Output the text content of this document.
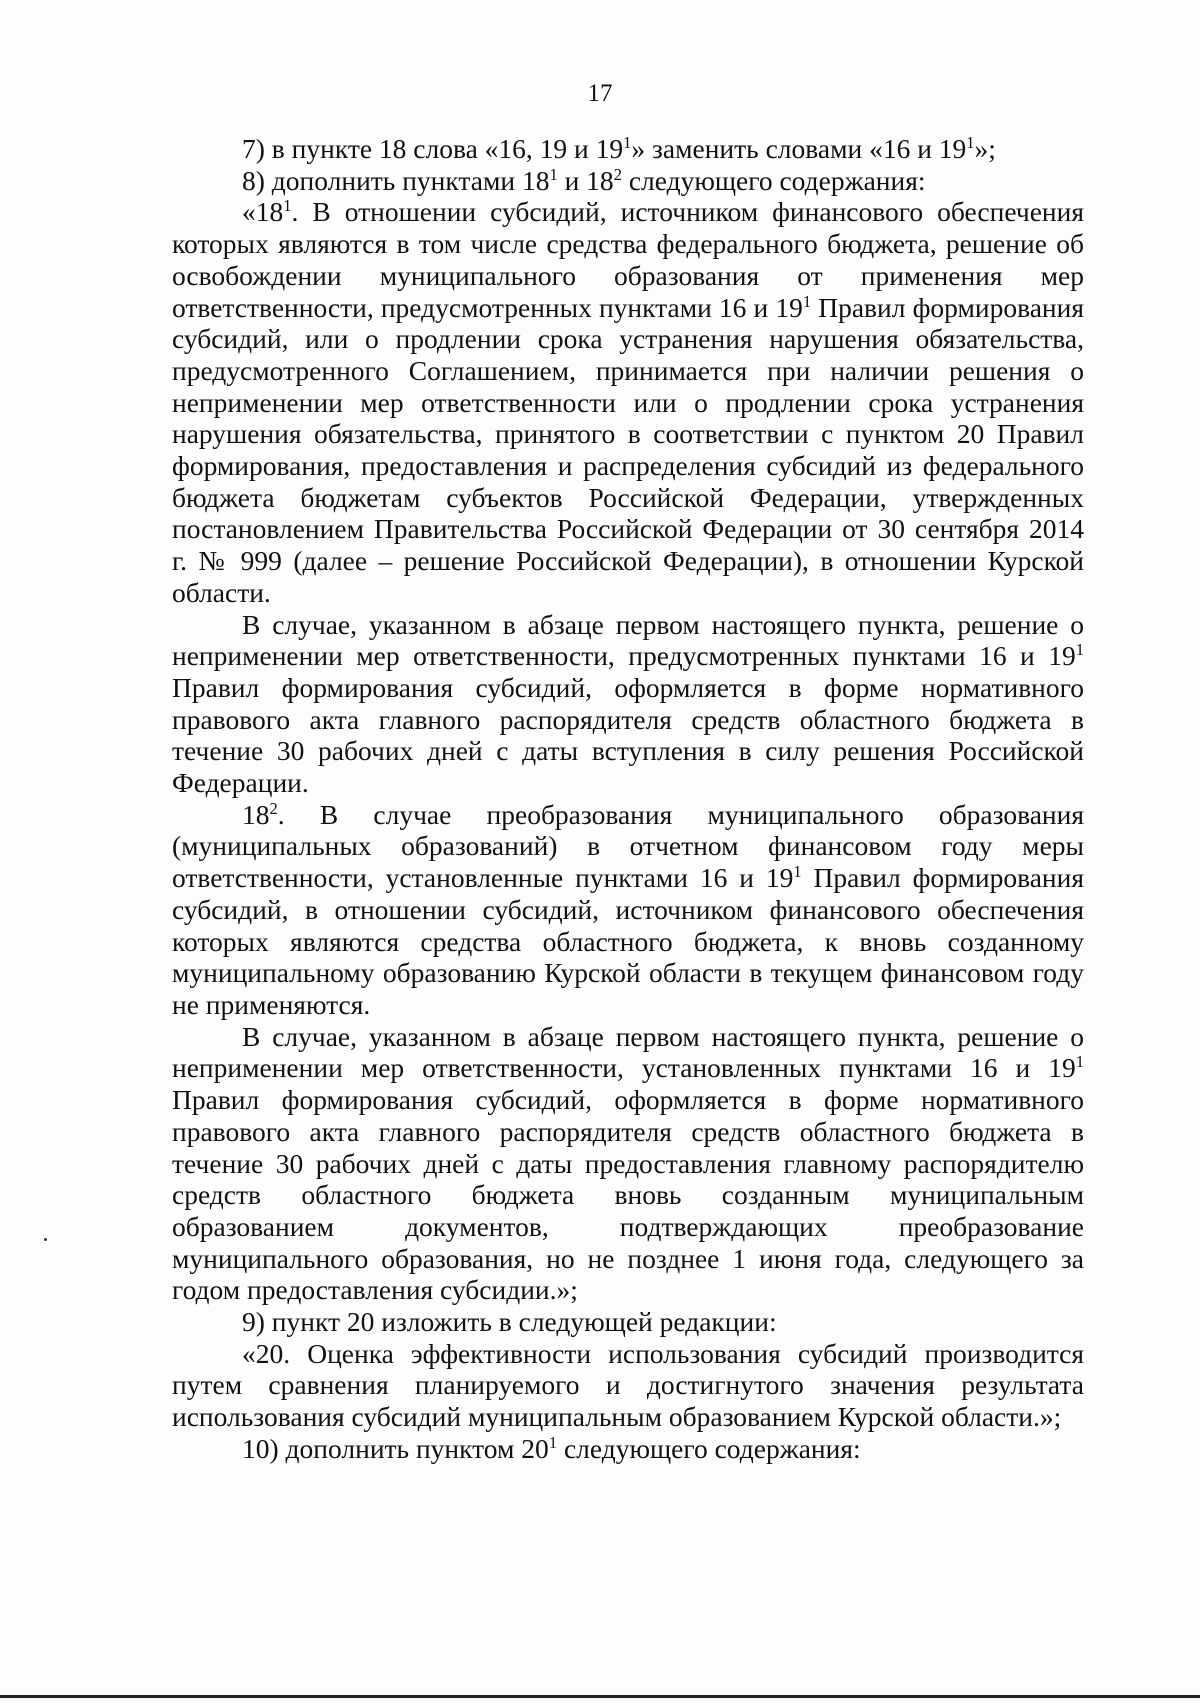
17

7) в пункте 18 слова «16, 19 и $19^1$» заменить словами «16 и $19^1$»;

8) дополнить пунктами $18^1$ и $18^2$ следующего содержания:

«$18^1$. В отношении субсидий, источником финансового обеспечения которых являются в том числе средства федерального бюджета, решение об освобождении муниципального образования от применения мер ответственности, предусмотренных пунктами 16 и $19^1$ Правил формирования субсидий, или о продлении срока устранения нарушения обязательства, предусмотренного Соглашением, принимается при наличии решения о неприменении мер ответственности или о продлении срока устранения нарушения обязательства, принятого в соответствии с пунктом 20 Правил формирования, предоставления и распределения субсидий из федерального бюджета бюджетам субъектов Российской Федерации, утвержденных постановлением Правительства Российской Федерации от 30 сентября 2014 г. № 999 (далее – решение Российской Федерации), в отношении Курской области.

В случае, указанном в абзаце первом настоящего пункта, решение о неприменении мер ответственности, предусмотренных пунктами 16 и $19^1$ Правил формирования субсидий, оформляется в форме нормативного правового акта главного распорядителя средств областного бюджета в течение 30 рабочих дней с даты вступления в силу решения Российской Федерации.

$18^2$. В случае преобразования муниципального образования (муниципальных образований) в отчетном финансовом году меры ответственности, установленные пунктами 16 и $19^1$ Правил формирования субсидий, в отношении субсидий, источником финансового обеспечения которых являются средства областного бюджета, к вновь созданному муниципальному образованию Курской области в текущем финансовом году не применяются.

В случае, указанном в абзаце первом настоящего пункта, решение о неприменении мер ответственности, установленных пунктами 16 и $19^1$ Правил формирования субсидий, оформляется в форме нормативного правового акта главного распорядителя средств областного бюджета в течение 30 рабочих дней с даты предоставления главному распорядителю средств областного бюджета вновь созданным муниципальным образованием документов, подтверждающих преобразование муниципального образования, но не позднее 1 июня года, следующего за годом предоставления субсидии.»;

9) пункт 20 изложить в следующей редакции:

«20. Оценка эффективности использования субсидий производится путем сравнения планируемого и достигнутого значения результата использования субсидий муниципальным образованием Курской области.»;

10) дополнить пунктом $20^1$ следующего содержания:
